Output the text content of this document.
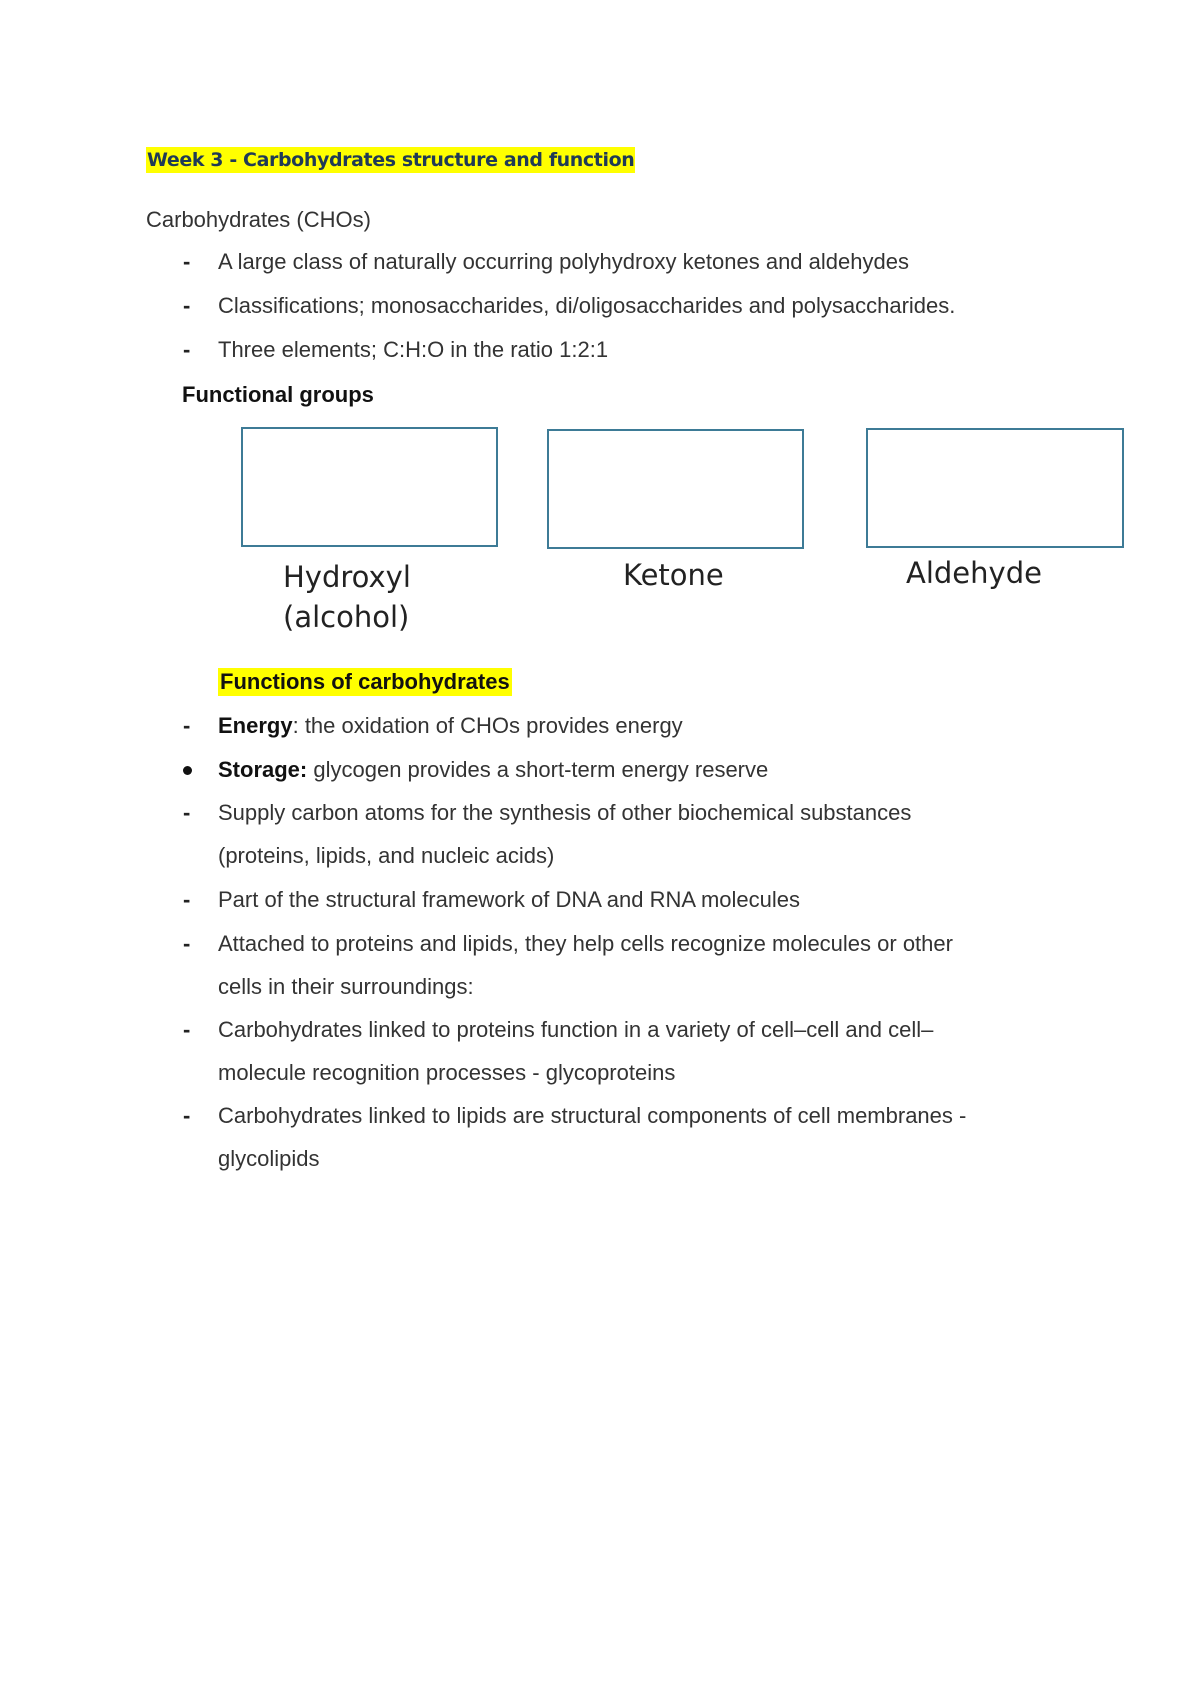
Week 3 - Carbohydrates structure and function
Carbohydrates (CHOs)
- A large class of naturally occurring polyhydroxy ketones and aldehydes
- Classifications; monosaccharides, di/oligosaccharides and polysaccharides.
- Three elements; C:H:O in the ratio 1:2:1
Functional groups
Hydroxyl
(alcohol)
Ketone	Aldehyde
Functions of carbohydrates
- Energy: the oxidation of CHOs provides energy
Storage: glycogen provides a short-term energy reserve
- Supply carbon atoms for the synthesis of other biochemical substances
(proteins, lipids, and nucleic acids)
- Part of the structural framework of DNA and RNA molecules
- Attached to proteins and lipids, they help cells recognize molecules or other
cells in their surroundings:
- Carbohydrates linked to proteins function in a variety of cell–cell and cell–
molecule recognition processes - glycoproteins
- Carbohydrates linked to lipids are structural components of cell membranes -
glycolipids
